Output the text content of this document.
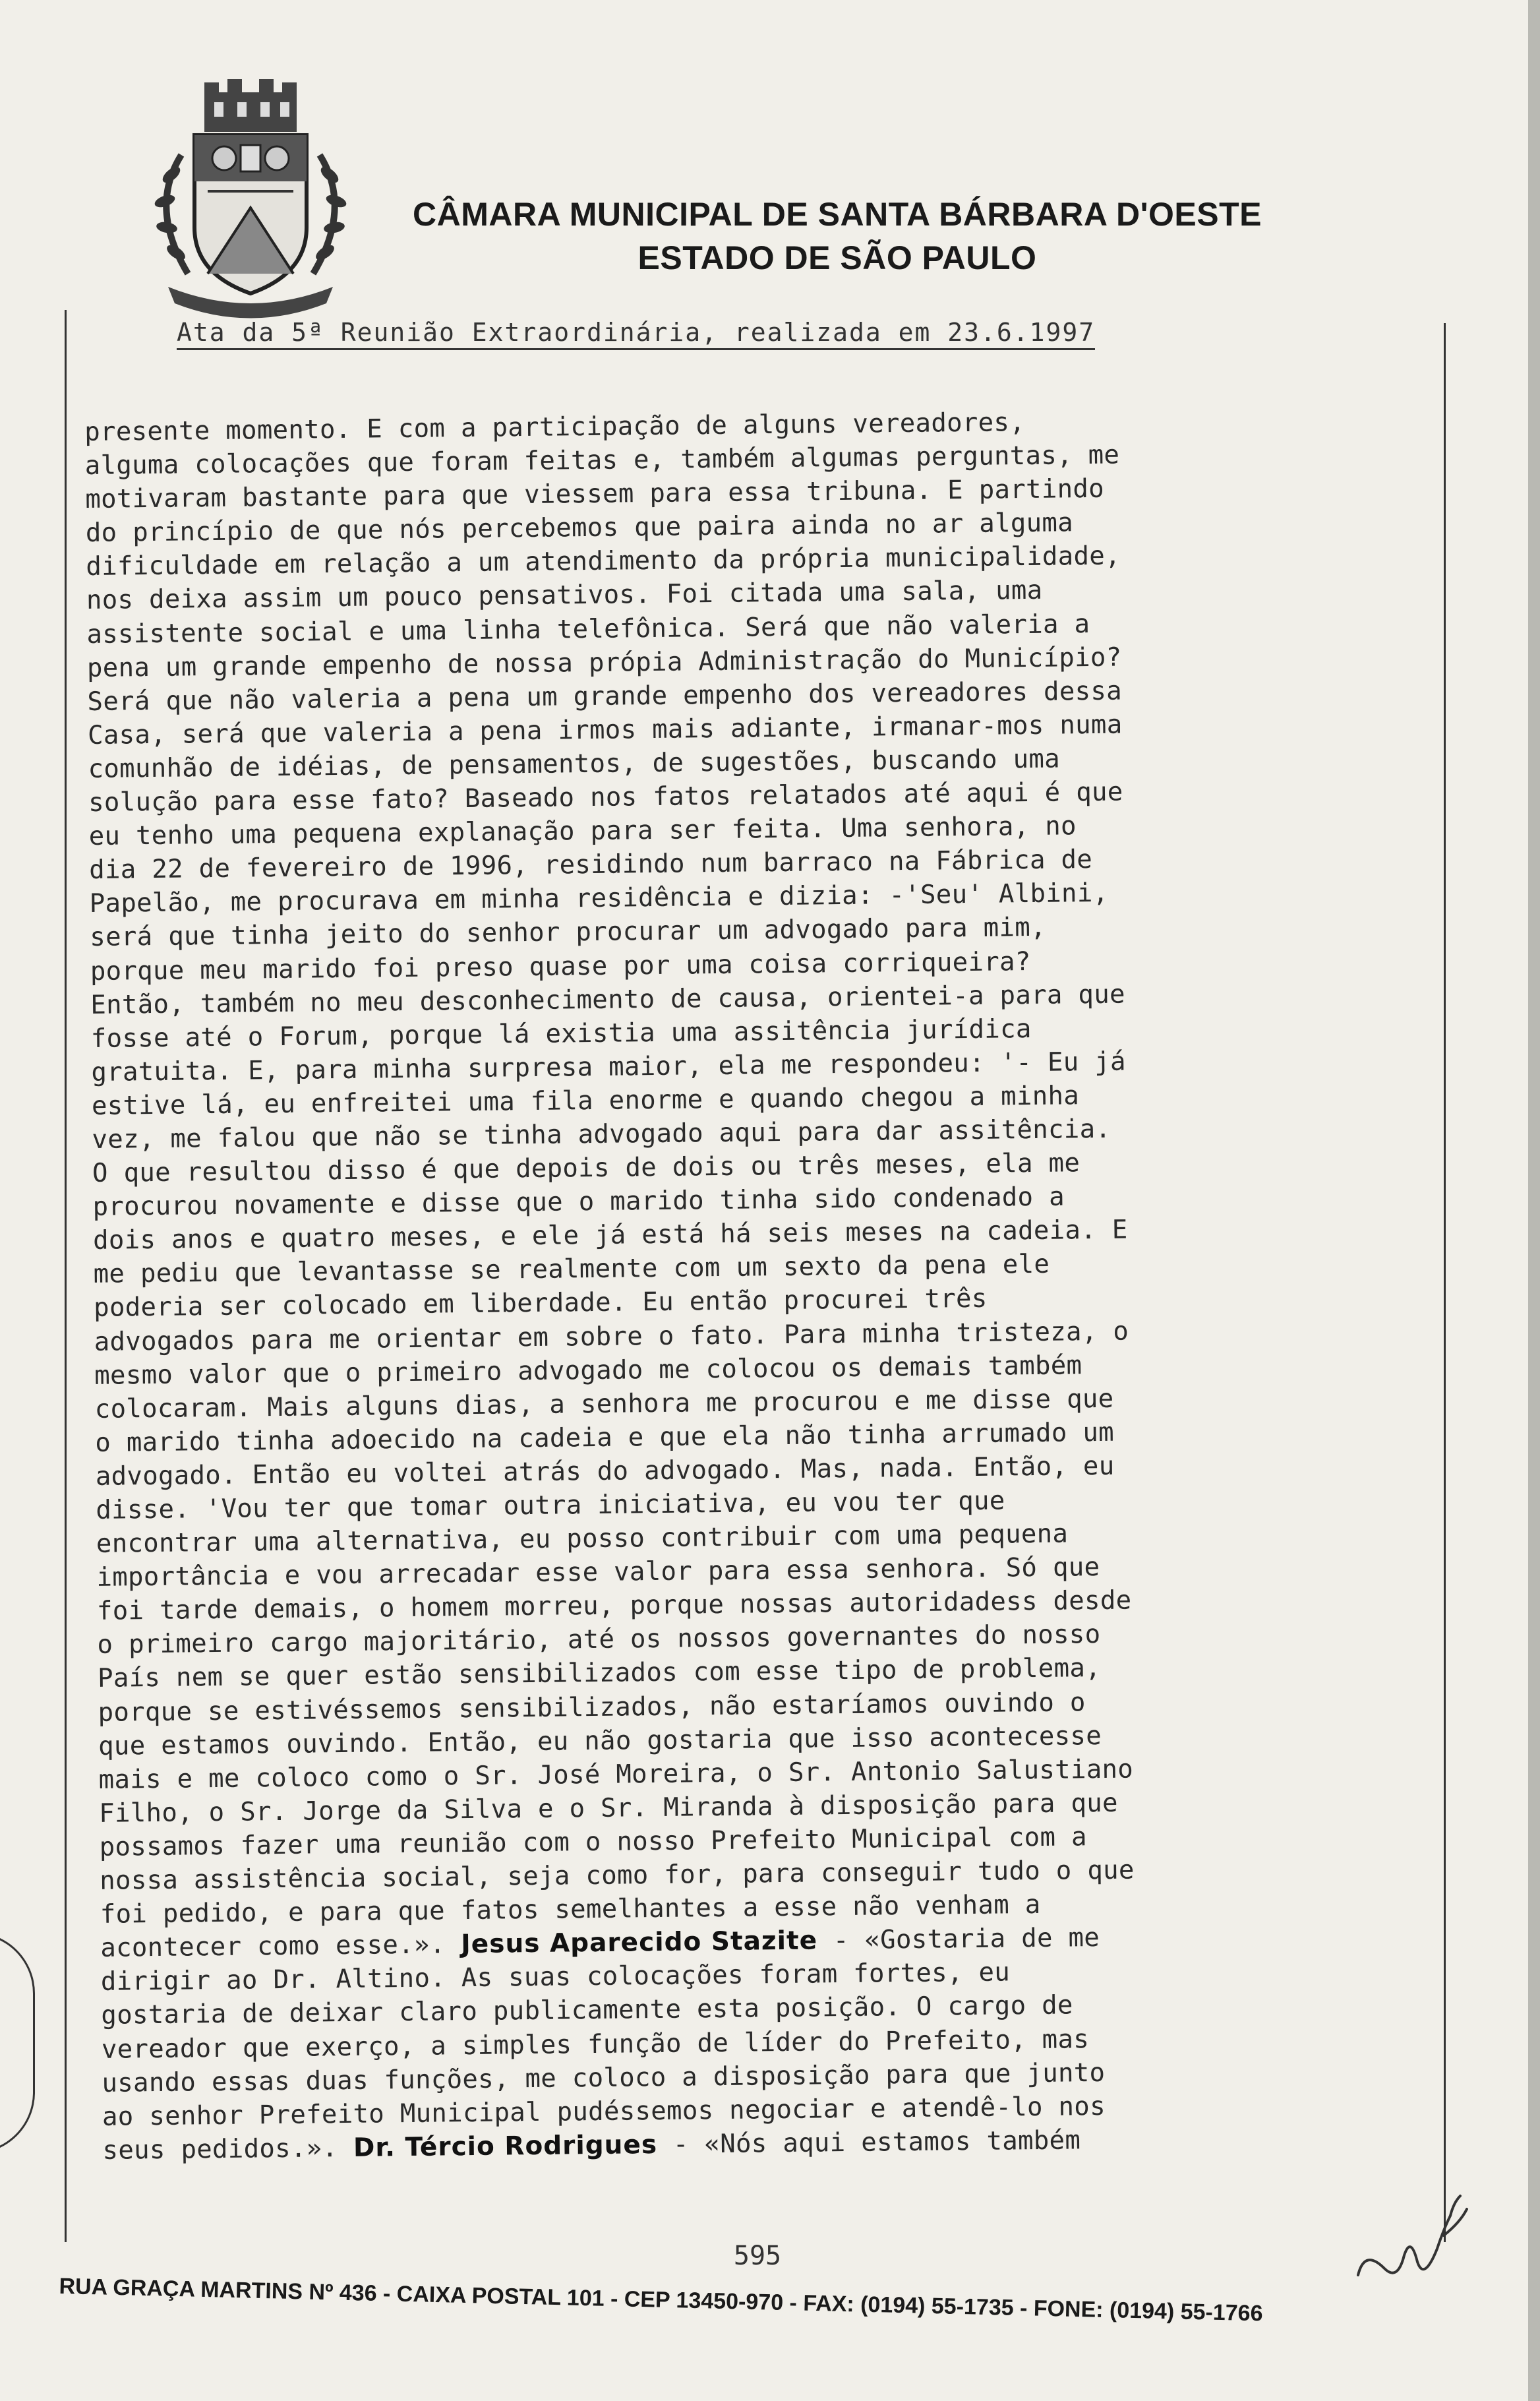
CÂMARA MUNICIPAL DE SANTA BÁRBARA D'OESTE
ESTADO DE SÃO PAULO
Ata da 5ª Reunião Extraordinária, realizada em 23.6.1997
presente momento. E com a participação de alguns vereadores,
alguma colocações que foram feitas e, também algumas perguntas, me
motivaram bastante para que viessem para essa tribuna. E partindo
do princípio de que nós percebemos que paira ainda no ar alguma
dificuldade em relação a um atendimento da própria municipalidade,
nos deixa assim um pouco pensativos. Foi citada uma sala, uma
assistente social e uma linha telefônica. Será que não valeria a
pena um grande empenho de nossa própia Administração do Município?
Será que não valeria a pena um grande empenho dos vereadores dessa
Casa, será que valeria a pena irmos mais adiante, irmanar-mos numa
comunhão de idéias, de pensamentos, de sugestões, buscando uma
solução para esse fato? Baseado nos fatos relatados até aqui é que
eu tenho uma pequena explanação para ser feita. Uma senhora, no
dia 22 de fevereiro de 1996, residindo num barraco na Fábrica de
Papelão, me procurava em minha residência e dizia: -'Seu' Albini,
será que tinha jeito do senhor procurar um advogado para mim,
porque meu marido foi preso quase por uma coisa corriqueira?
Então, também no meu desconhecimento de causa, orientei-a para que
fosse até o Forum, porque lá existia uma assitência jurídica
gratuita. E, para minha surpresa maior, ela me respondeu: '- Eu já
estive lá, eu enfreitei uma fila enorme e quando chegou a minha
vez, me falou que não se tinha advogado aqui para dar assitência.
O que resultou disso é que depois de dois ou três meses, ela me
procurou novamente e disse que o marido tinha sido condenado a
dois anos e quatro meses, e ele já está há seis meses na cadeia. E
me pediu que levantasse se realmente com um sexto da pena ele
poderia ser colocado em liberdade. Eu então procurei três
advogados para me orientar em sobre o fato. Para minha tristeza, o
mesmo valor que o primeiro advogado me colocou os demais também
colocaram. Mais alguns dias, a senhora me procurou e me disse que
o marido tinha adoecido na cadeia e que ela não tinha arrumado um
advogado. Então eu voltei atrás do advogado. Mas, nada. Então, eu
disse. 'Vou ter que tomar outra iniciativa, eu vou ter que
encontrar uma alternativa, eu posso contribuir com uma pequena
importância e vou arrecadar esse valor para essa senhora. Só que
foi tarde demais, o homem morreu, porque nossas autoridadess desde
o primeiro cargo majoritário, até os nossos governantes do nosso
País nem se quer estão sensibilizados com esse tipo de problema,
porque se estivéssemos sensibilizados, não estaríamos ouvindo o
que estamos ouvindo. Então, eu não gostaria que isso acontecesse
mais e me coloco como o Sr. José Moreira, o Sr. Antonio Salustiano
Filho, o Sr. Jorge da Silva e o Sr. Miranda à disposição para que
possamos fazer uma reunião com o nosso Prefeito Municipal com a
nossa assistência social, seja como for, para conseguir tudo o que
foi pedido, e para que fatos semelhantes a esse não venham a
acontecer como esse.». Jesus Aparecido Stazite - «Gostaria de me
dirigir ao Dr. Altino. As suas colocações foram fortes, eu
gostaria de deixar claro publicamente esta posição. O cargo de
vereador que exerço, a simples função de líder do Prefeito, mas
usando essas duas funções, me coloco a disposição para que junto
ao senhor Prefeito Municipal pudéssemos negociar e atendê-lo nos
seus pedidos.». Dr. Tércio Rodrigues - «Nós aqui estamos também
595
RUA GRAÇA MARTINS Nº 436 - CAIXA POSTAL 101 - CEP 13450-970 - FAX: (0194) 55-1735 - FONE: (0194) 55-1766
